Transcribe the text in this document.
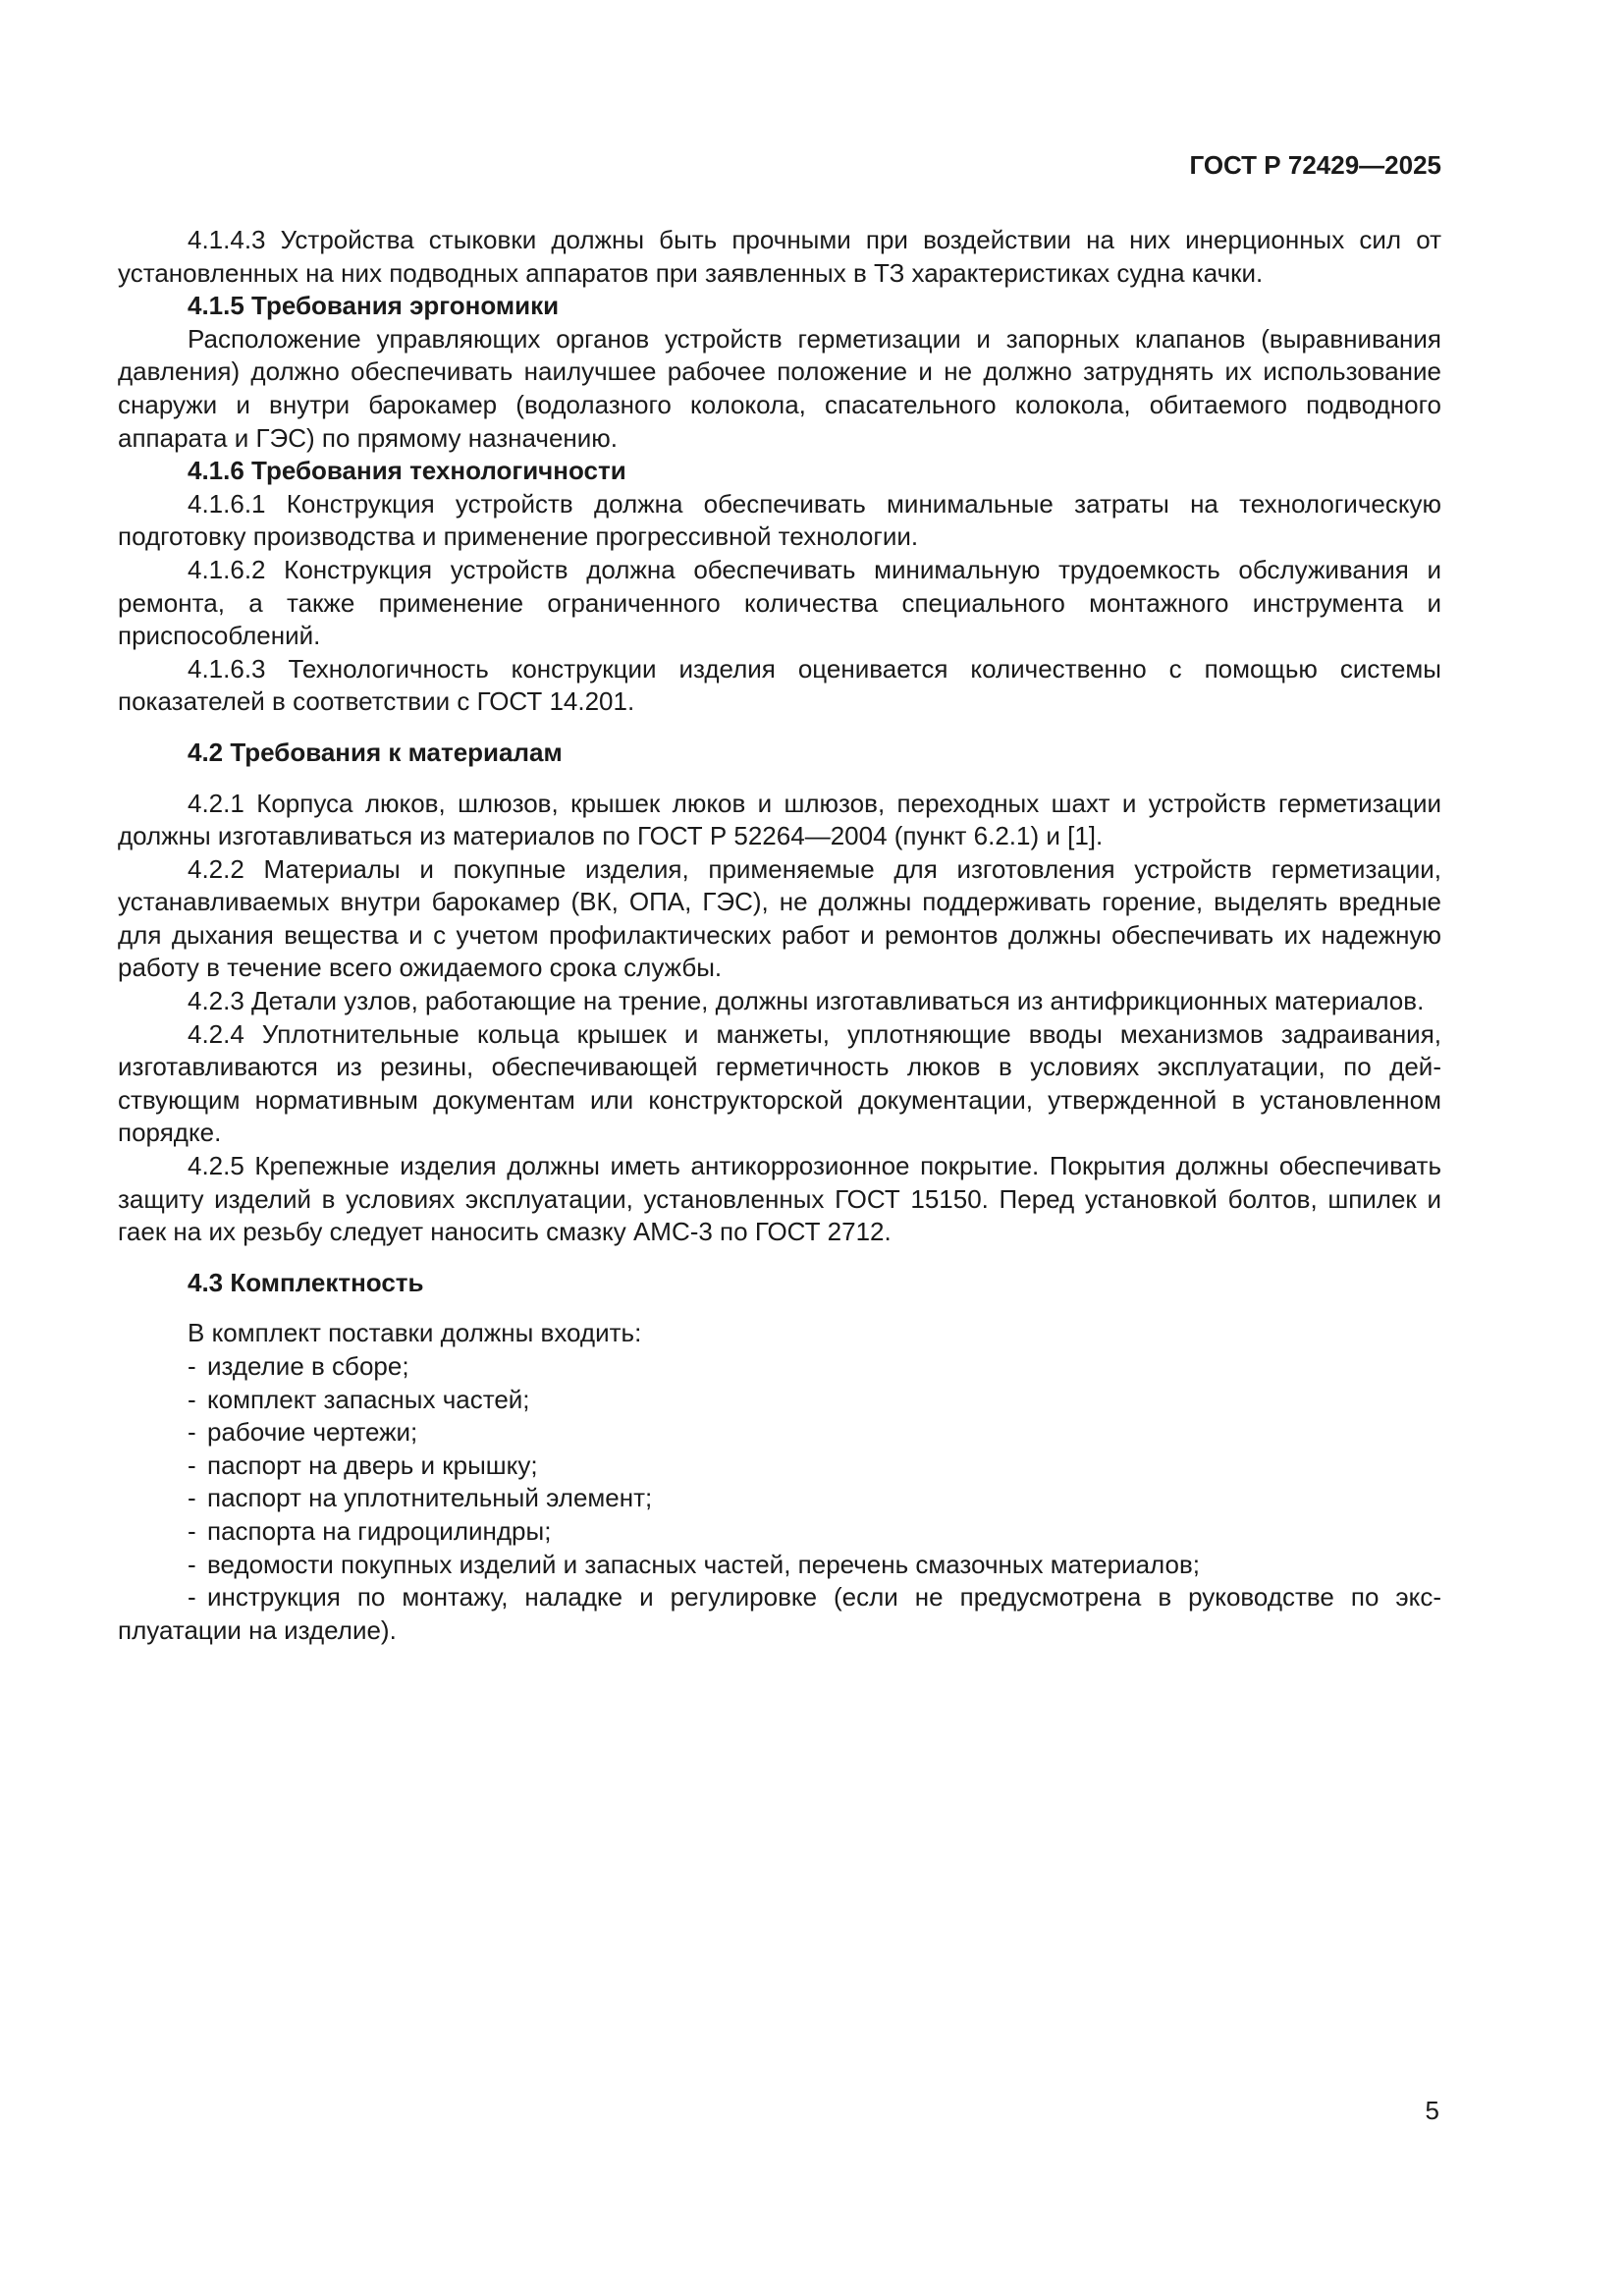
ГОСТ Р 72429—2025

4.1.4.3 Устройства стыковки должны быть прочными при воздействии на них инерционных сил от установленных на них подводных аппаратов при заявленных в ТЗ характеристиках судна качки.

4.1.5 Требования эргономики

Расположение управляющих органов устройств герметизации и запорных клапанов (выравнивания давления) должно обеспечивать наилучшее рабочее положение и не должно затруднять их использование снаружи и внутри барокамер (водолазного колокола, спасательного колокола, обитаемого подводного аппарата и ГЭС) по прямому назначению.

4.1.6 Требования технологичности

4.1.6.1 Конструкция устройств должна обеспечивать минимальные затраты на технологическую подготовку производства и применение прогрессивной технологии.

4.1.6.2 Конструкция устройств должна обеспечивать минимальную трудоемкость обслуживания и ремонта, а также применение ограниченного количества специального монтажного инструмента и приспособлений.

4.1.6.3 Технологичность конструкции изделия оценивается количественно с помощью системы показателей в соответствии с ГОСТ 14.201.

4.2 Требования к материалам

4.2.1 Корпуса люков, шлюзов, крышек люков и шлюзов, переходных шахт и устройств герметизации должны изготавливаться из материалов по ГОСТ Р 52264—2004 (пункт 6.2.1) и [1].

4.2.2 Материалы и покупные изделия, применяемые для изготовления устройств герметизации, устанавливаемых внутри барокамер (ВК, ОПА, ГЭС), не должны поддерживать горение, выделять вредные для дыхания вещества и с учетом профилактических работ и ремонтов должны обеспечивать их надежную работу в течение всего ожидаемого срока службы.

4.2.3 Детали узлов, работающие на трение, должны изготавливаться из антифрикционных материалов.

4.2.4 Уплотнительные кольца крышек и манжеты, уплотняющие вводы механизмов задраивания, изготавливаются из резины, обеспечивающей герметичность люков в условиях эксплуатации, по действующим нормативным документам или конструкторской документации, утвержденной в установленном порядке.

4.2.5 Крепежные изделия должны иметь антикоррозионное покрытие. Покрытия должны обеспечивать защиту изделий в условиях эксплуатации, установленных ГОСТ 15150. Перед установкой болтов, шпилек и гаек на их резьбу следует наносить смазку АМС-3 по ГОСТ 2712.

4.3 Комплектность

В комплект поставки должны входить:

- изделие в сборе;
- комплект запасных частей;
- рабочие чертежи;
- паспорт на дверь и крышку;
- паспорт на уплотнительный элемент;
- паспорта на гидроцилиндры;
- ведомости покупных изделий и запасных частей, перечень смазочных материалов;
- инструкция по монтажу, наладке и регулировке (если не предусмотрена в руководстве по эксплуатации на изделие).
5
